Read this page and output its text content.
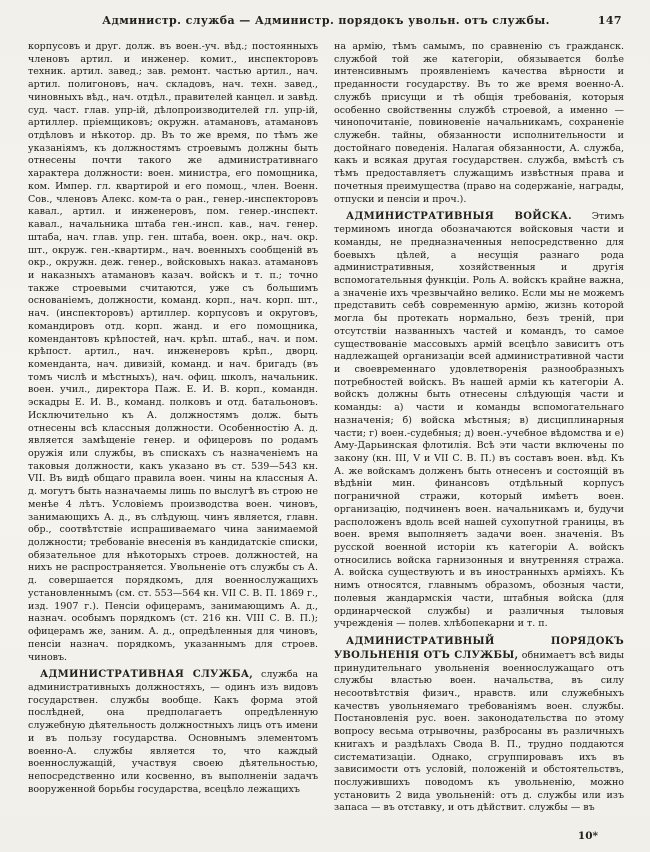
Администр. служба — Администр. порядокъ увольн. отъ службы.	147

корпусовъ и друг. долж. въ воен.-уч. вѣд.; постоянныхъ членовъ артил. и инженер. комит., инспекторовъ техник. артил. завед.; зав. ремонт. частью артил., нач. артил. полигоновъ, нач. складовъ, нач. техн. завед., чиновныхъ вѣд., нач. отдѣл., правителей канцел. и завѣд. суд. част. глав. упр-ій, дѣлопроизводителей гл. упр-ій, артиллер. пріемщиковъ; окружн. атамановъ, атамановъ отдѣловъ и нѣкотор. др. Въ то же время, по тѣмъ же указаніямъ, къ должностямъ строевымъ должны быть отнесены почти такого же административнаго характера должности: воен. министра, его помощника, ком. Импер. гл. квартирой и его помощ., член. Военн. Сов., членовъ Алекс. ком-та о ран., генер.-инспекторовъ кавал., артил. и инженеровъ, пом. генер.-инспект. кавал., начальника штаба ген.-инсп. кав., нач. генер. штаба, нач. глав. упр. ген. штаба, воен. окр., нач. окр. шт., окруж. ген.-квартирм., нач. военныхъ сообщеній въ окр., окружн. деж. генер., войсковыхъ наказ. атамановъ и наказныхъ атамановъ казач. войскъ и т. п.; точно также строевыми считаются, уже съ большимъ основаніемъ, должности, команд. корп., нач. корп. шт., нач. (инспекторовъ) артиллер. корпусовъ и округовъ, командировъ отд. корп. жанд. и его помощника, комендантовъ крѣпостей, нач. крѣп. штаб., нач. и пом. крѣпост. артил., нач. инженеровъ крѣп., дворц. коменданта, нач. дивизій, команд. и нач. бригадъ (въ томъ числѣ и мѣстныхъ), нач. офиц. школъ, начальник. воен. учил., директора Паж. Е. И. В. корп., командн. эскадры Е. И. В., команд. полковъ и отд. батальоновъ. Исключительно къ А. должностямъ долж. быть отнесены всѣ классныя должности. Особенностію А. д. является замѣщеніе генер. и офицеровъ по родамъ оружія или службы, въ спискахъ съ назначеніемъ на таковыя должности, какъ указано въ ст. 539—543 кн. VII. Въ видѣ общаго правила воен. чины на классныя А. д. могутъ быть назначаемы лишь по выслугѣ въ строю не менѣе 4 лѣтъ. Условіемъ производства воен. чиновъ, занимающихъ А. д., въ слѣдующ. чинъ является, главн. обр., соотвѣтствіе испрашиваемаго чина занимаемой должности; требованіе внесенія въ кандидатскіе списки, обязательное для нѣкоторыхъ строев. должностей, на нихъ не распространяется. Увольненіе отъ службы съ А. д. совершается порядкомъ, для военнослужащихъ установленнымъ (см. ст. 553—564 кн. VII С. В. П. 1869 г., изд. 1907 г.). Пенсіи офицерамъ, занимающимъ А. д., назнач. особымъ порядкомъ (ст. 216 кн. VIII С. В. П.); офицерамъ же, заним. А. д., опредѣленныя для чиновъ, пенсіи назнач. порядкомъ, указаннымъ для строев. чиновъ.

АДМИНИСТРАТИВНАЯ СЛУЖБА, служба на административныхъ должностяхъ, — одинъ изъ видовъ государствен. службы вообще. Какъ форма этой послѣдней, она предполагаетъ опредѣленную служебную дѣятельность должностныхъ лицъ отъ имени и въ пользу государства. Основнымъ элементомъ военно-А. службы является то, что каждый военнослужащій, участвуя своею дѣятельностью, непосредственно или косвенно, въ выполненіи задачъ вооруженной борьбы государства, всецѣло лежащихъ

на армію, тѣмъ самымъ, по сравненію съ гражданск. службой той же категоріи, обязывается болѣе интенсивнымъ проявленіемъ качества вѣрности и преданности государству. Въ то же время военно-А. службѣ присущи и тѣ общія требованія, которыя особенно свойственны службѣ строевой, а именно — чинопочитаніе, повиновеніе начальникамъ, сохраненіе служебн. тайны, обязанности исполнительности и достойнаго поведенія. Налагая обязанности, А. служба, какъ и всякая другая государствен. служба, вмѣстѣ съ тѣмъ предоставляетъ служащимъ извѣстныя права и почетныя преимущества (право на содержаніе, награды, отпуски и пенсіи и проч.).

АДМИНИСТРАТИВНЫЯ ВОЙСКА. Этимъ терминомъ иногда обозначаются войсковыя части и команды, не предназначенныя непосредственно для боевыхъ цѣлей, а несущія разнаго рода административныя, хозяйственныя и другія вспомогательныя функціи. Роль А. войскъ крайне важна, а значеніе ихъ чрезвычайно велико. Если мы не можемъ представить себѣ современную армію, жизнь которой могла бы протекать нормально, безъ треній, при отсутствіи названныхъ частей и командъ, то самое существованіе массовыхъ армій всецѣло зависитъ отъ надлежащей организаціи всей административной части и своевременнаго удовлетворенія разнообразныхъ потребностей войскъ. Въ нашей арміи къ категоріи А. войскъ должны быть отнесены слѣдующія части и команды: а) части и команды вспомогательнаго назначенія; б) войска мѣстныя; в) дисциплинарныя части; г) воен.-судебныя; д) воен.-учебное вѣдомства и е) Аму-Дарьинская флотилія. Всѣ эти части включены по закону (кн. III, V и VII С. В. П.) въ составъ воен. вѣд. Къ А. же войскамъ долженъ быть отнесенъ и состоящій въ вѣдѣніи мин. финансовъ отдѣльный корпусъ пограничной стражи, который имѣетъ воен. организацію, подчиненъ воен. начальникамъ и, будучи расположенъ вдоль всей нашей сухопутной границы, въ воен. время выполняетъ задачи воен. значенія. Въ русской военной исторіи къ категоріи А. войскъ относились войска гарнизонныя и внутренняя стража. А. войска существуютъ и въ иностранныхъ арміяхъ. Къ нимъ относятся, главнымъ образомъ, обозныя части, полевыя жандармскія части, штабныя войска (для ординарческой службы) и различныя тыловыя учрежденія — полев. хлѣбопекарни и т. п.

АДМИНИСТРАТИВНЫЙ ПОРЯДОКЪ УВОЛЬНЕНІЯ ОТЪ СЛУЖБЫ, обнимаетъ всѣ виды принудительнаго увольненія военнослужащаго отъ службы властью воен. начальства, въ силу несоотвѣтствія физич., нравств. или служебныхъ качествъ увольняемаго требованіямъ воен. службы. Постановленія рус. воен. законодательства по этому вопросу весьма отрывочны, разбросаны въ различныхъ книгахъ и раздѣлахъ Свода В. П., трудно поддаются систематизаціи. Однако, сгруппировавъ ихъ въ зависимости отъ условій, положеній и обстоятельствъ, послужившихъ поводомъ къ увольненію, можно установить 2 вида увольненій: отъ д. службы или изъ запаса — въ отставку, и отъ дѣйствит. службы — въ

10*
